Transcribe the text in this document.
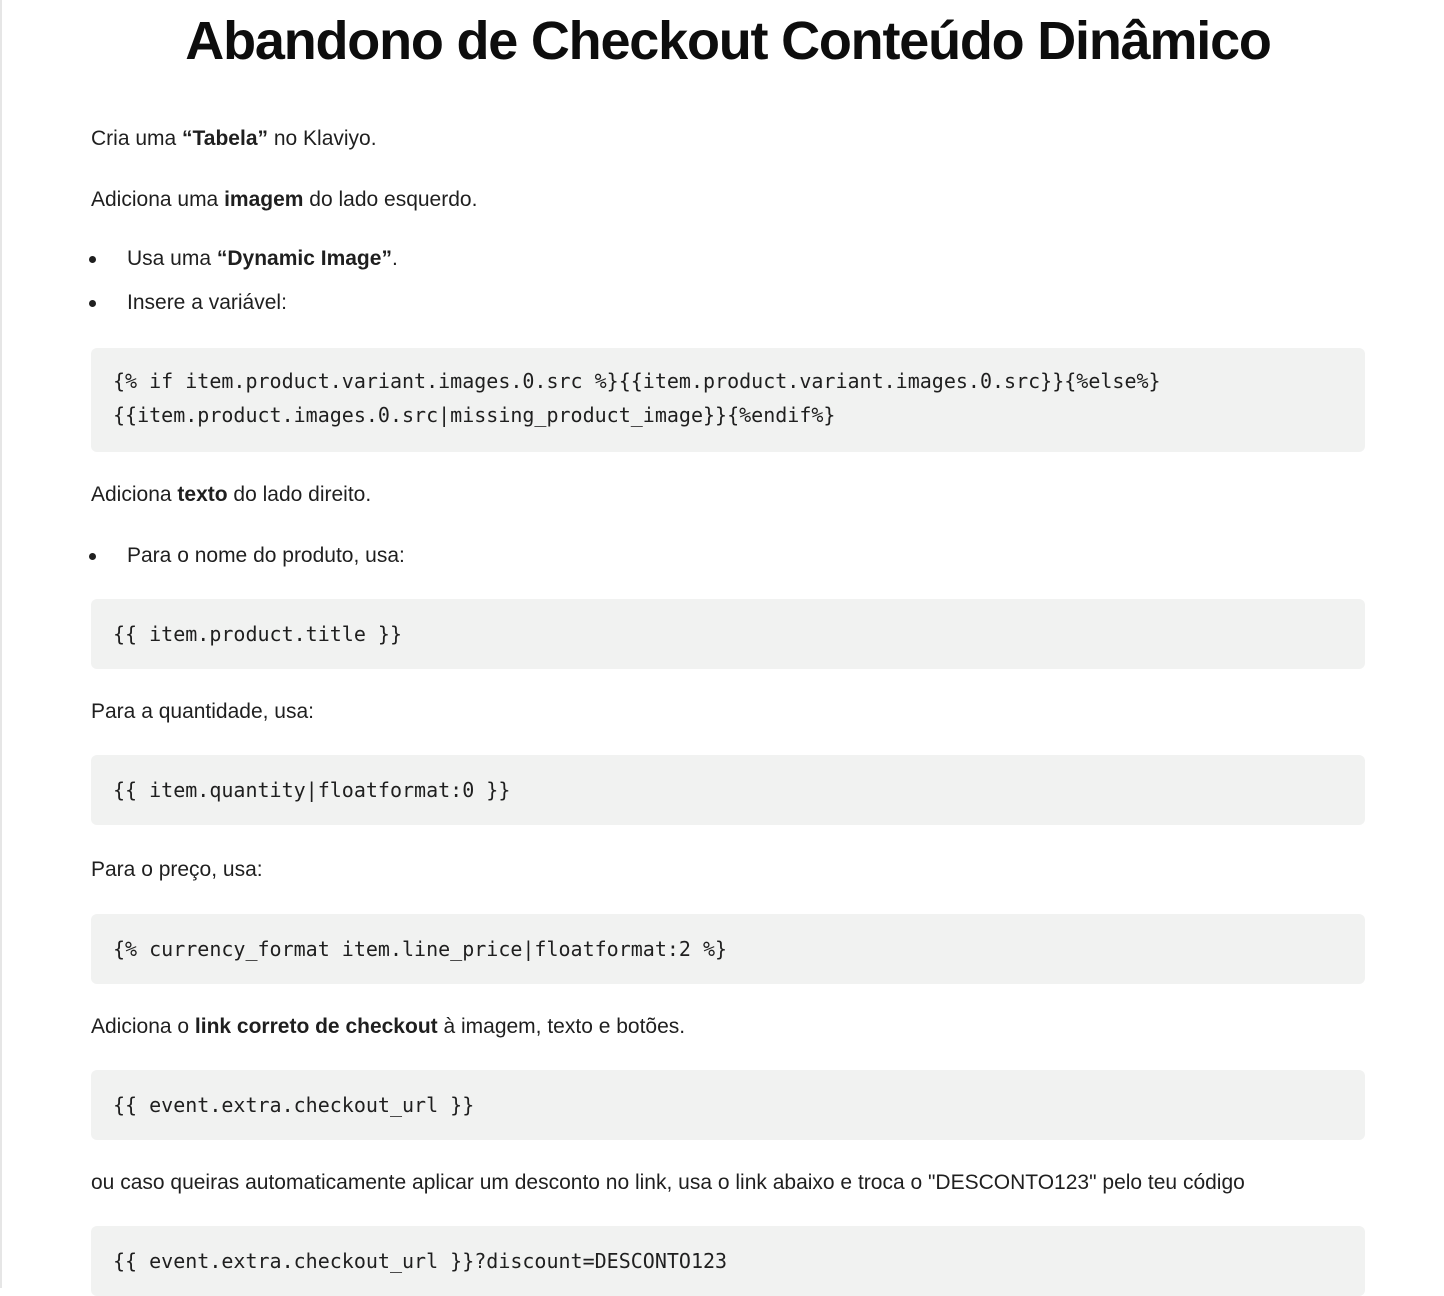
Abandono de Checkout Conteúdo Dinâmico

Cria uma “Tabela” no Klaviyo.

Adiciona uma imagem do lado esquerdo.

Usa uma “Dynamic Image”.
Insere a variável:
{% if item.product.variant.images.0.src %}{{item.product.variant.images.0.src}}{%else%}
{{item.product.images.0.src|missing_product_image}}{%endif%}

Adiciona texto do lado direito.

Para o nome do produto, usa:
{{ item.product.title }}

Para a quantidade, usa:

{{ item.quantity|floatformat:0 }}

Para o preço, usa:

{% currency_format item.line_price|floatformat:2 %}

Adiciona o link correto de checkout à imagem, texto e botões.

{{ event.extra.checkout_url }}

ou caso queiras automaticamente aplicar um desconto no link, usa o link abaixo e troca o "DESCONTO123" pelo teu código

{{ event.extra.checkout_url }}?discount=DESCONTO123
